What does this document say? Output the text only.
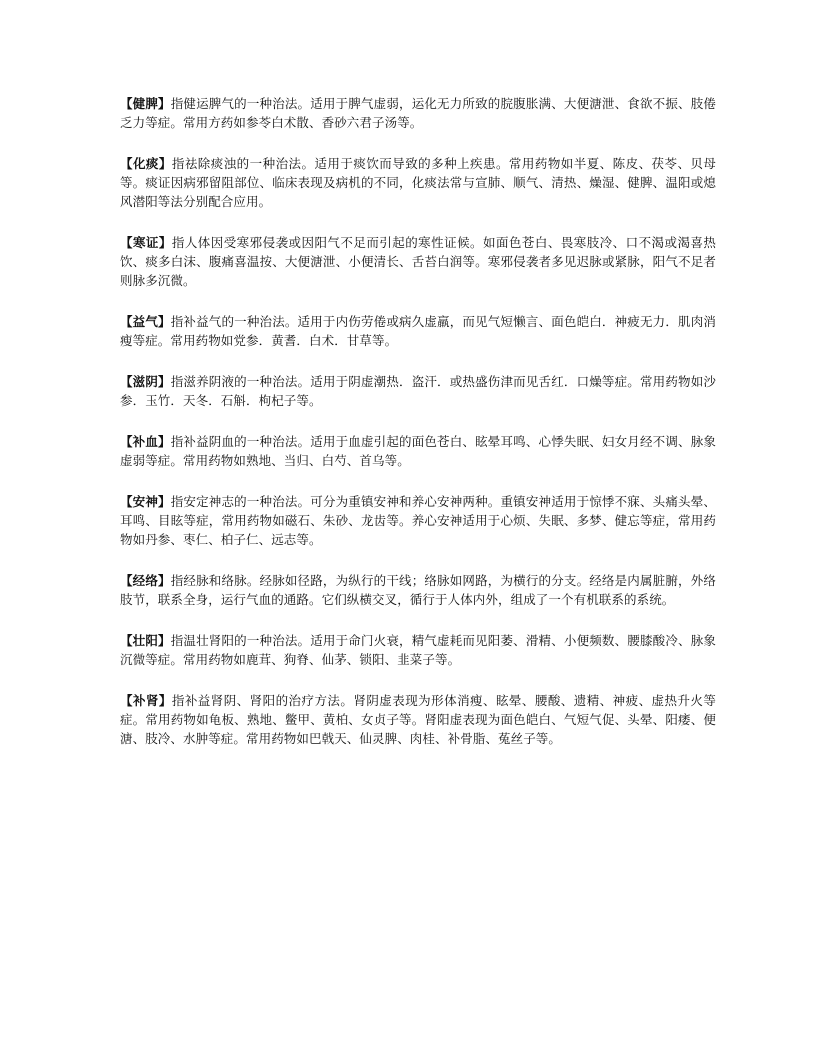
【健脾】指健运脾气的一种治法。适用于脾气虚弱，运化无力所致的脘腹胀满、大便溏泄、食欲不振、肢倦乏力等症。常用方药如参苓白术散、香砂六君子汤等。

【化痰】指祛除痰浊的一种治法。适用于痰饮而导致的多种上疾患。常用药物如半夏、陈皮、茯苓、贝母等。痰证因病邪留阻部位、临床表现及病机的不同，化痰法常与宣肺、顺气、清热、燥湿、健脾、温阳或熄风潜阳等法分别配合应用。

【寒证】指人体因受寒邪侵袭或因阳气不足而引起的寒性证候。如面色苍白、畏寒肢冷、口不渴或渴喜热饮、痰多白沫、腹痛喜温按、大便溏泄、小便清长、舌苔白润等。寒邪侵袭者多见迟脉或紧脉，阳气不足者则脉多沉微。

【益气】指补益气的一种治法。适用于内伤劳倦或病久虚羸，而见气短懒言、面色皑白．神疲无力．肌肉消瘦等症。常用药物如党参．黄耆．白术．甘草等。

【滋阴】指滋养阴液的一种治法。适用于阴虚潮热．盗汗．或热盛伤津而见舌红．口燥等症。常用药物如沙参．玉竹．天冬．石斛．枸杞子等。

【补血】指补益阴血的一种治法。适用于血虚引起的面色苍白、眩晕耳鸣、心悸失眠、妇女月经不调、脉象虚弱等症。常用药物如熟地、当归、白芍、首乌等。

【安神】指安定神志的一种治法。可分为重镇安神和养心安神两种。重镇安神适用于惊悸不寐、头痛头晕、耳鸣、目眩等症，常用药物如磁石、朱砂、龙齿等。养心安神适用于心烦、失眠、多梦、健忘等症，常用药物如丹参、枣仁、柏子仁、远志等。

【经络】指经脉和络脉。经脉如径路，为纵行的干线；络脉如网路，为横行的分支。经络是内属脏腑，外络肢节，联系全身，运行气血的通路。它们纵横交叉，循行于人体内外，组成了一个有机联系的系统。

【壮阳】指温壮肾阳的一种治法。适用于命门火衰，精气虚耗而见阳萎、滑精、小便频数、腰膝酸冷、脉象沉微等症。常用药物如鹿茸、狗脊、仙茅、锁阳、韭菜子等。

【补肾】指补益肾阴、肾阳的治疗方法。肾阴虚表现为形体消瘦、眩晕、腰酸、遗精、神疲、虚热升火等症。常用药物如龟板、熟地、鳖甲、黄柏、女贞子等。肾阳虚表现为面色皑白、气短气促、头晕、阳痿、便溏、肢冷、水肿等症。常用药物如巴戟天、仙灵脾、肉桂、补骨脂、菟丝子等。
